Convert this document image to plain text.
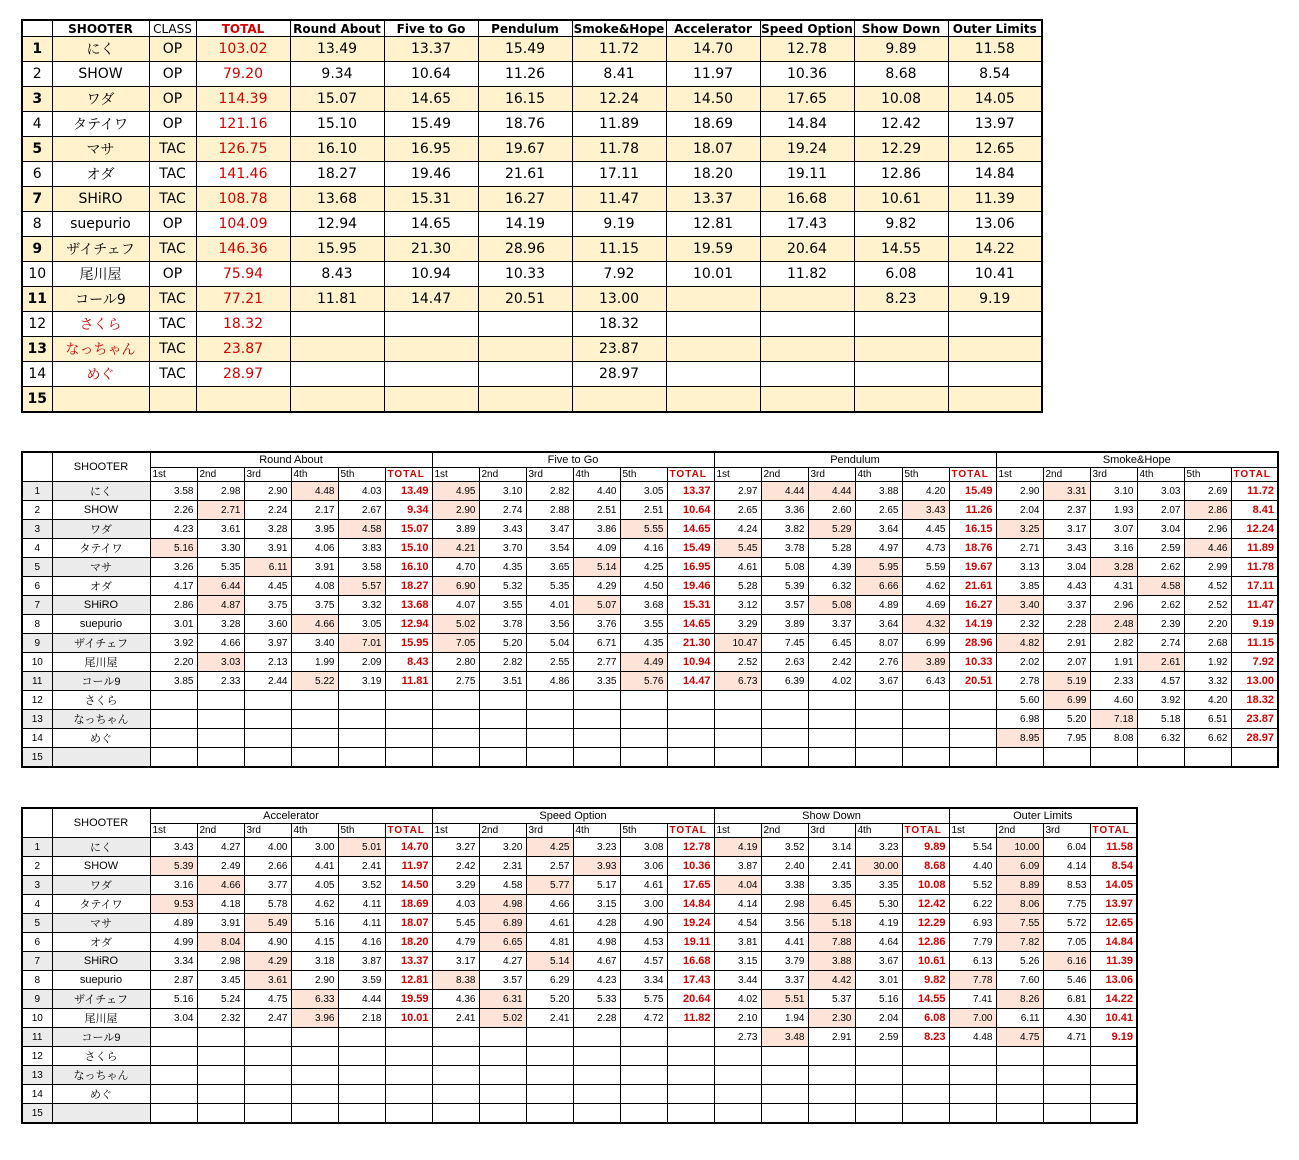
	SHOOTER	CLASS	TOTAL	Round About	Five to Go	Pendulum	Smoke&Hope	Accelerator	Speed Option	Show Down	Outer Limits
1	にく	OP	103.02	13.49	13.37	15.49	11.72	14.70	12.78	9.89	11.58
2	SHOW	OP	79.20	9.34	10.64	11.26	8.41	11.97	10.36	8.68	8.54
3	ワダ	OP	114.39	15.07	14.65	16.15	12.24	14.50	17.65	10.08	14.05
4	タテイワ	OP	121.16	15.10	15.49	18.76	11.89	18.69	14.84	12.42	13.97
5	マサ	TAC	126.75	16.10	16.95	19.67	11.78	18.07	19.24	12.29	12.65
6	オダ	TAC	141.46	18.27	19.46	21.61	17.11	18.20	19.11	12.86	14.84
7	SHiRO	TAC	108.78	13.68	15.31	16.27	11.47	13.37	16.68	10.61	11.39
8	suepurio	OP	104.09	12.94	14.65	14.19	9.19	12.81	17.43	9.82	13.06
9	ザイチェフ	TAC	146.36	15.95	21.30	28.96	11.15	19.59	20.64	14.55	14.22
10	尾川屋	OP	75.94	8.43	10.94	10.33	7.92	10.01	11.82	6.08	10.41
11	コール9	TAC	77.21	11.81	14.47	20.51	13.00			8.23	9.19
12	さくら	TAC	18.32				18.32				
13	なっちゃん	TAC	23.87				23.87				
14	めぐ	TAC	28.97				28.97				
15											
	SHOOTER	Round About						Five to Go						Pendulum						Smoke&Hope					
		1st	2nd	3rd	4th	5th	TOTAL	1st	2nd	3rd	4th	5th	TOTAL	1st	2nd	3rd	4th	5th	TOTAL	1st	2nd	3rd	4th	5th	TOTAL
1	にく	3.58	2.98	2.90	4.48	4.03	13.49	4.95	3.10	2.82	4.40	3.05	13.37	2.97	4.44	4.44	3.88	4.20	15.49	2.90	3.31	3.10	3.03	2.69	11.72
2	SHOW	2.26	2.71	2.24	2.17	2.67	9.34	2.90	2.74	2.88	2.51	2.51	10.64	2.65	3.36	2.60	2.65	3.43	11.26	2.04	2.37	1.93	2.07	2.86	8.41
3	ワダ	4.23	3.61	3.28	3.95	4.58	15.07	3.89	3.43	3.47	3.86	5.55	14.65	4.24	3.82	5.29	3.64	4.45	16.15	3.25	3.17	3.07	3.04	2.96	12.24
4	タテイワ	5.16	3.30	3.91	4.06	3.83	15.10	4.21	3.70	3.54	4.09	4.16	15.49	5.45	3.78	5.28	4.97	4.73	18.76	2.71	3.43	3.16	2.59	4.46	11.89
5	マサ	3.26	5.35	6.11	3.91	3.58	16.10	4.70	4.35	3.65	5.14	4.25	16.95	4.61	5.08	4.39	5.95	5.59	19.67	3.13	3.04	3.28	2.62	2.99	11.78
6	オダ	4.17	6.44	4.45	4.08	5.57	18.27	6.90	5.32	5.35	4.29	4.50	19.46	5.28	5.39	6.32	6.66	4.62	21.61	3.85	4.43	4.31	4.58	4.52	17.11
7	SHiRO	2.86	4.87	3.75	3.75	3.32	13.68	4.07	3.55	4.01	5.07	3.68	15.31	3.12	3.57	5.08	4.89	4.69	16.27	3.40	3.37	2.96	2.62	2.52	11.47
8	suepurio	3.01	3.28	3.60	4.66	3.05	12.94	5.02	3.78	3.56	3.76	3.55	14.65	3.29	3.89	3.37	3.64	4.32	14.19	2.32	2.28	2.48	2.39	2.20	9.19
9	ザイチェフ	3.92	4.66	3.97	3.40	7.01	15.95	7.05	5.20	5.04	6.71	4.35	21.30	10.47	7.45	6.45	8.07	6.99	28.96	4.82	2.91	2.82	2.74	2.68	11.15
10	尾川屋	2.20	3.03	2.13	1.99	2.09	8.43	2.80	2.82	2.55	2.77	4.49	10.94	2.52	2.63	2.42	2.76	3.89	10.33	2.02	2.07	1.91	2.61	1.92	7.92
11	コール9	3.85	2.33	2.44	5.22	3.19	11.81	2.75	3.51	4.86	3.35	5.76	14.47	6.73	6.39	4.02	3.67	6.43	20.51	2.78	5.19	2.33	4.57	3.32	13.00
12	さくら																			5.60	6.99	4.60	3.92	4.20	18.32
13	なっちゃん																			6.98	5.20	7.18	5.18	6.51	23.87
14	めぐ																			8.95	7.95	8.08	6.32	6.62	28.97
15																									
	SHOOTER	Accelerator						Speed Option						Show Down					Outer Limits			
		1st	2nd	3rd	4th	5th	TOTAL	1st	2nd	3rd	4th	5th	TOTAL	1st	2nd	3rd	4th	TOTAL	1st	2nd	3rd	TOTAL
1	にく	3.43	4.27	4.00	3.00	5.01	14.70	3.27	3.20	4.25	3.23	3.08	12.78	4.19	3.52	3.14	3.23	9.89	5.54	10.00	6.04	11.58
2	SHOW	5.39	2.49	2.66	4.41	2.41	11.97	2.42	2.31	2.57	3.93	3.06	10.36	3.87	2.40	2.41	30.00	8.68	4.40	6.09	4.14	8.54
3	ワダ	3.16	4.66	3.77	4.05	3.52	14.50	3.29	4.58	5.77	5.17	4.61	17.65	4.04	3.38	3.35	3.35	10.08	5.52	8.89	8.53	14.05
4	タテイワ	9.53	4.18	5.78	4.62	4.11	18.69	4.03	4.98	4.66	3.15	3.00	14.84	4.14	2.98	6.45	5.30	12.42	6.22	8.06	7.75	13.97
5	マサ	4.89	3.91	5.49	5.16	4.11	18.07	5.45	6.89	4.61	4.28	4.90	19.24	4.54	3.56	5.18	4.19	12.29	6.93	7.55	5.72	12.65
6	オダ	4.99	8.04	4.90	4.15	4.16	18.20	4.79	6.65	4.81	4.98	4.53	19.11	3.81	4.41	7.88	4.64	12.86	7.79	7.82	7.05	14.84
7	SHiRO	3.34	2.98	4.29	3.18	3.87	13.37	3.17	4.27	5.14	4.67	4.57	16.68	3.15	3.79	3.88	3.67	10.61	6.13	5.26	6.16	11.39
8	suepurio	2.87	3.45	3.61	2.90	3.59	12.81	8.38	3.57	6.29	4.23	3.34	17.43	3.44	3.37	4.42	3.01	9.82	7.78	7.60	5.46	13.06
9	ザイチェフ	5.16	5.24	4.75	6.33	4.44	19.59	4.36	6.31	5.20	5.33	5.75	20.64	4.02	5.51	5.37	5.16	14.55	7.41	8.26	6.81	14.22
10	尾川屋	3.04	2.32	2.47	3.96	2.18	10.01	2.41	5.02	2.41	2.28	4.72	11.82	2.10	1.94	2.30	2.04	6.08	7.00	6.11	4.30	10.41
11	コール9													2.73	3.48	2.91	2.59	8.23	4.48	4.75	4.71	9.19
12	さくら																					
13	なっちゃん																					
14	めぐ																					
15																						
